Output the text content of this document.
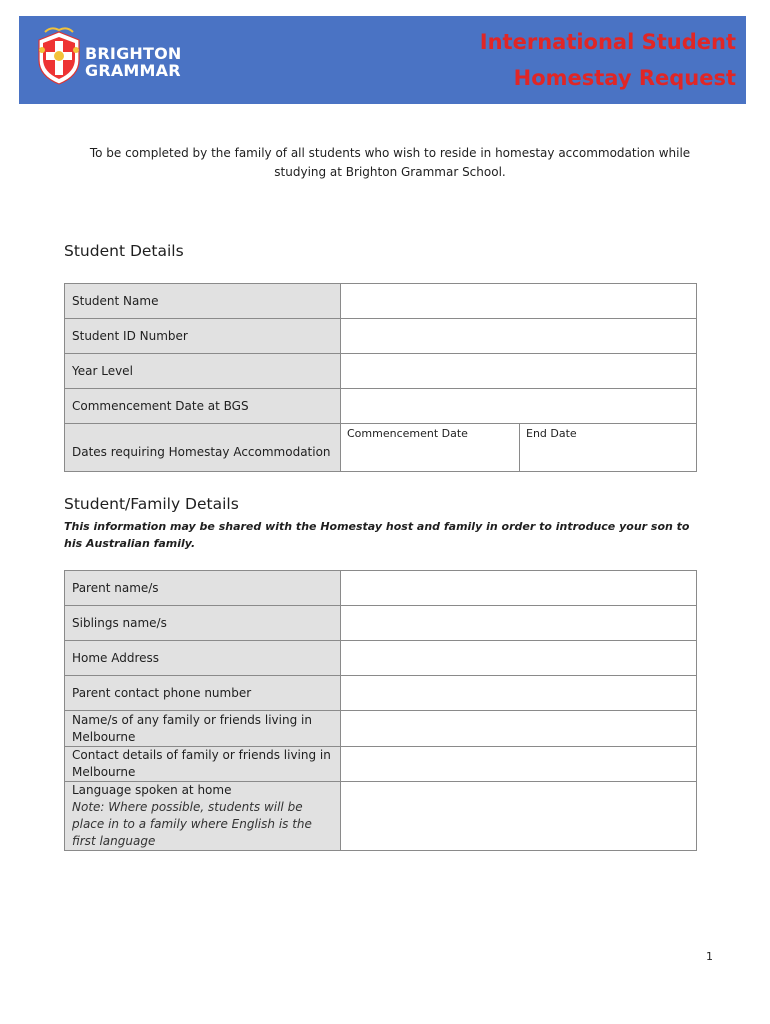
BRIGHTON
GRAMMAR
International Student
Homestay Request
To be completed by the family of all students who wish to reside in homestay accommodation while
studying at Brighton Grammar School.
Student Details
Student Name	
Student ID Number	
Year Level	
Commencement Date at BGS	
Dates requiring Homestay Accommodation	Commencement Date End Date
Student/Family Details
This information may be shared with the Homestay host and family in order to introduce your son to his Australian family.
Parent name/s	
Siblings name/s	
Home Address	
Parent contact phone number	
Name/s of any family or friends living in Melbourne	
Contact details of family or friends living in Melbourne	

Language spoken at home
Note: Where possible, students will be place in to a family where English is the first language	

1
